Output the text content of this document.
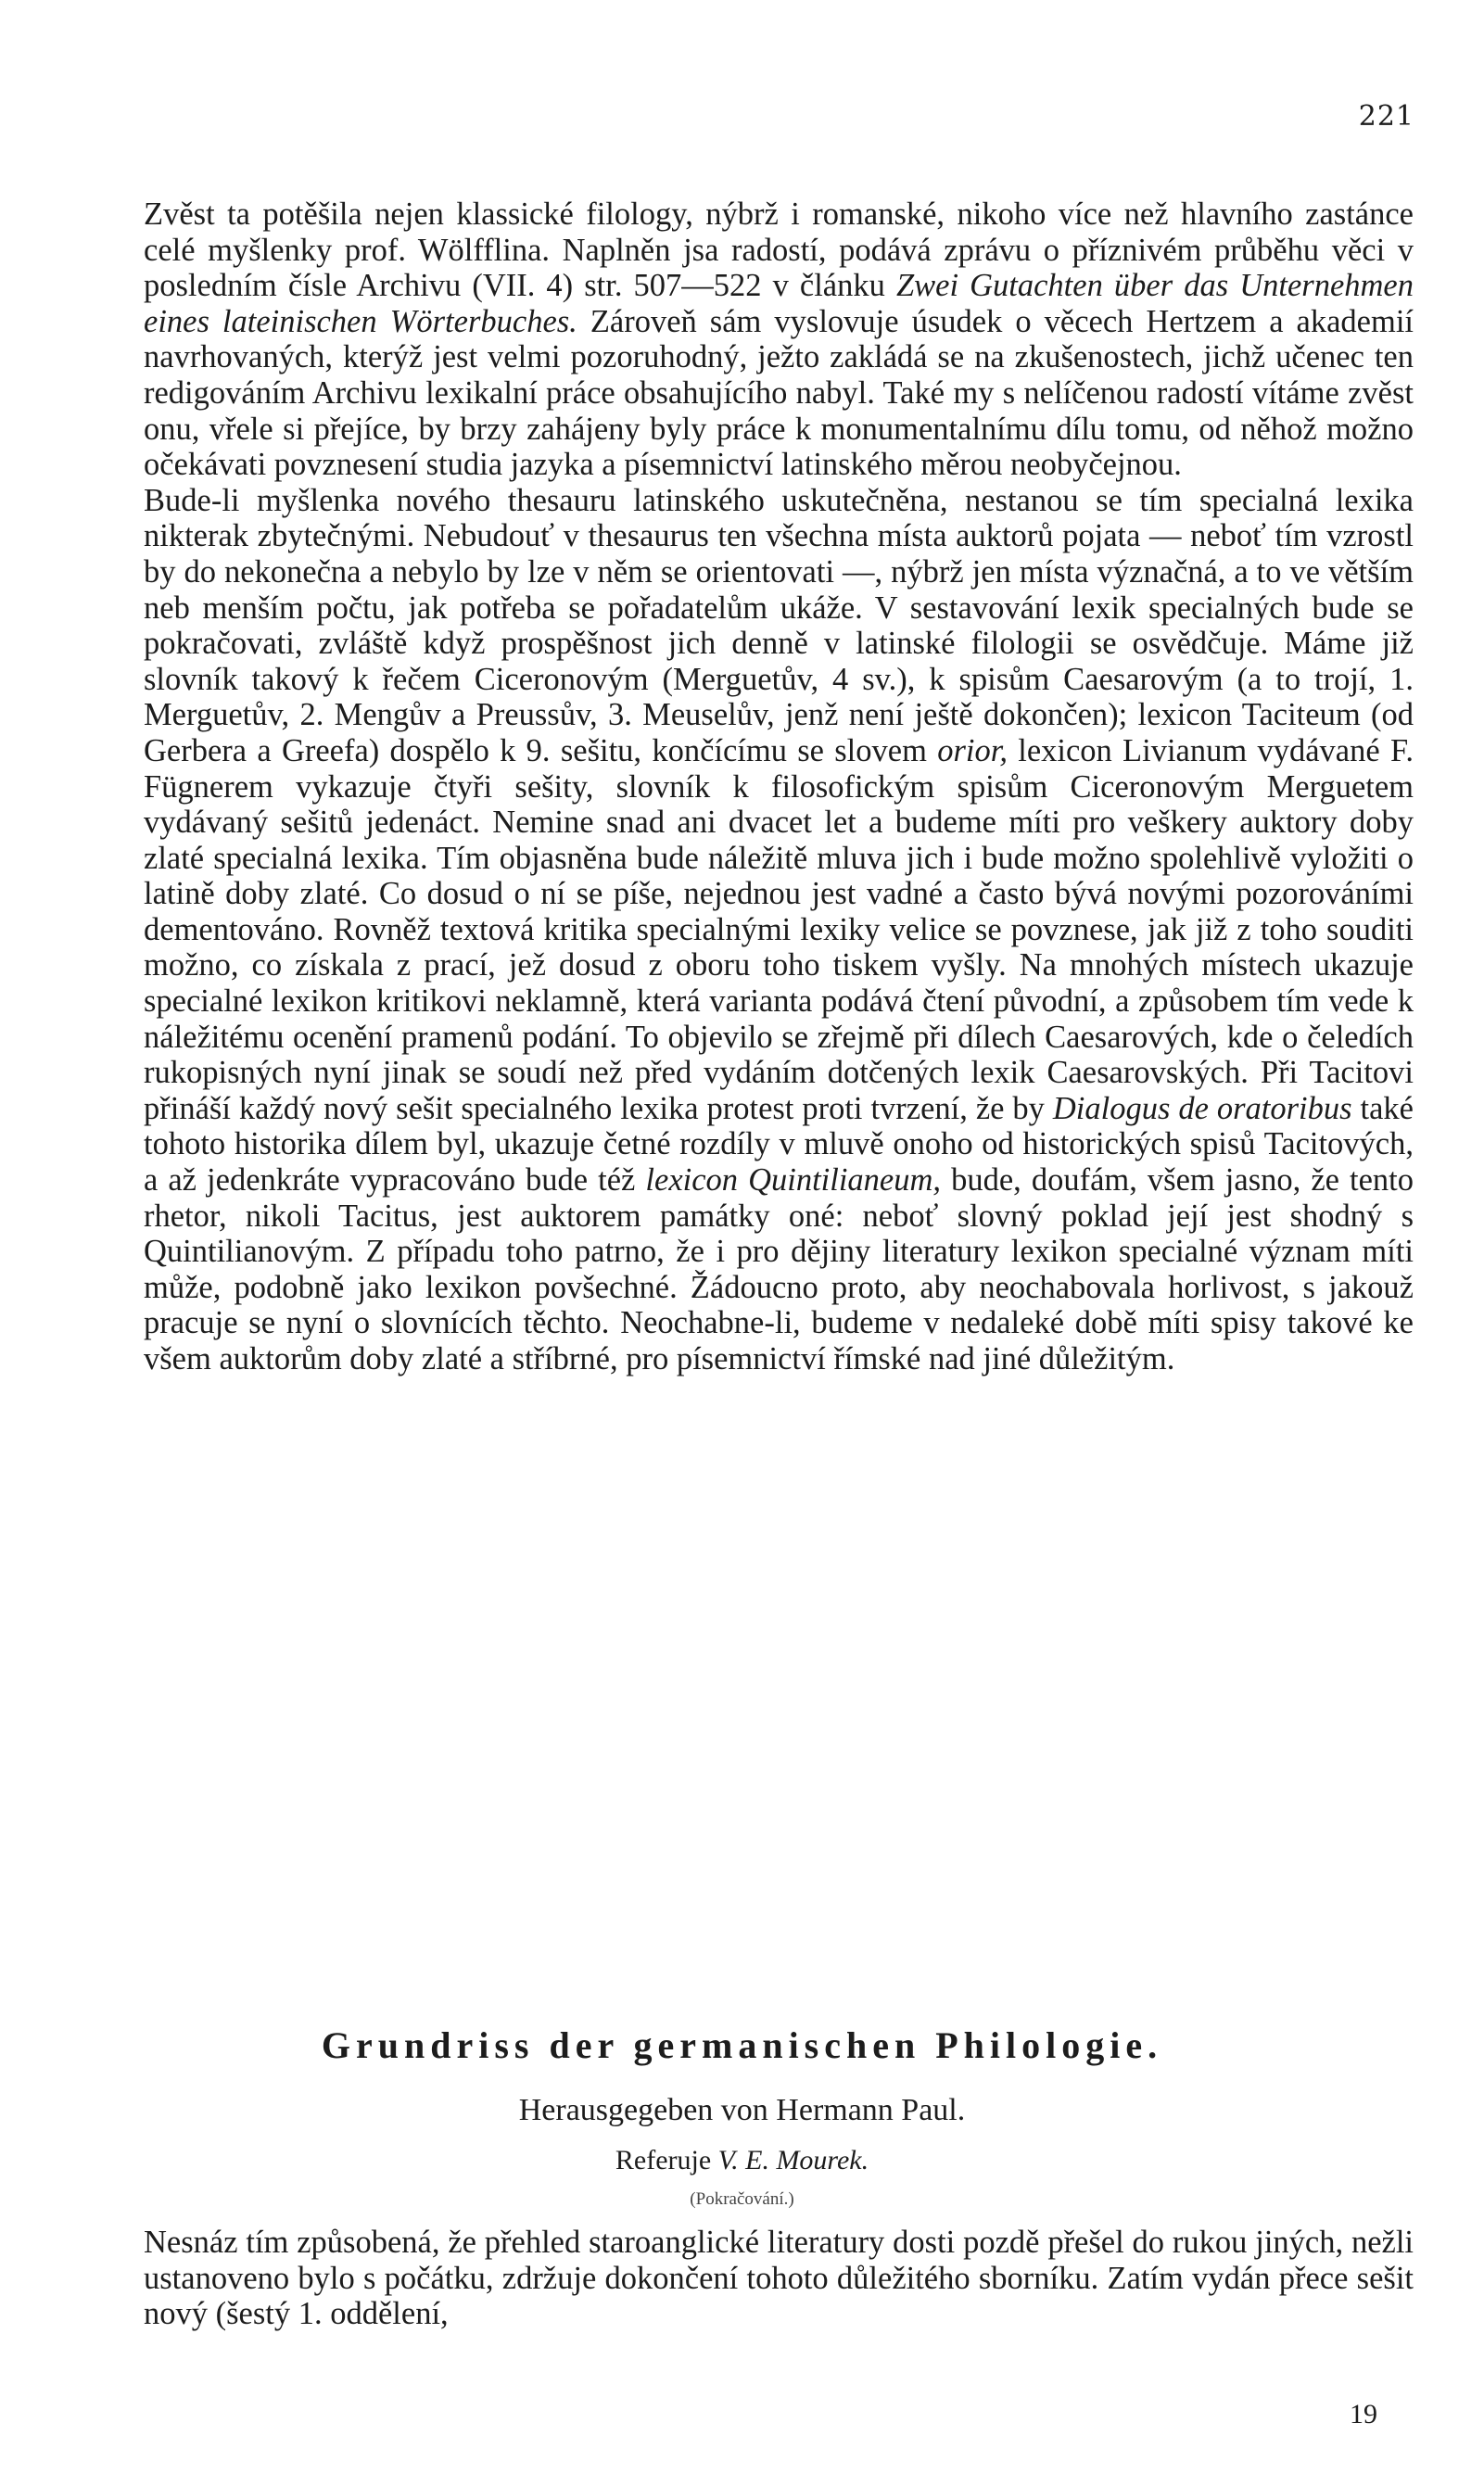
221

Zvěst ta potěšila nejen klassické filology, nýbrž i romanské, nikoho více než hlavního zastánce celé myšlenky prof. Wölfflina. Naplněn jsa radostí, podává zprávu o příznivém průběhu věci v posledním čísle Archivu (VII. 4) str. 507—522 v článku Zwei Gutachten über das Unternehmen eines lateinischen Wörterbuches. Zároveň sám vyslovuje úsudek o věcech Hertzem a akademií navrhovaných, kterýž jest velmi pozoruhodný, ježto zakládá se na zkušenostech, jichž učenec ten redigováním Archivu lexikalní práce obsahujícího nabyl. Také my s nelíčenou radostí vítáme zvěst onu, vřele si přejíce, by brzy zahájeny byly práce k monumentalnímu dílu tomu, od něhož možno očekávati povznesení studia jazyka a písemnictví latinského měrou neobyčejnou.

Bude-li myšlenka nového thesauru latinského uskutečněna, nestanou se tím specialná lexika nikterak zbytečnými. Nebudouť v thesaurus ten všechna místa auktorů pojata — neboť tím vzrostl by do nekonečna a nebylo by lze v něm se orientovati —, nýbrž jen místa význačná, a to ve větším neb menším počtu, jak potřeba se pořadatelům ukáže. V sestavování lexik specialných bude se pokračovati, zvláště když prospěšnost jich denně v latinské filologii se osvědčuje. Máme již slovník takový k řečem Ciceronovým (Merguetův, 4 sv.), k spisům Caesarovým (a to trojí, 1. Merguetův, 2. Mengův a Preussův, 3. Meuselův, jenž není ještě dokončen); lexicon Taciteum (od Gerbera a Greefa) dospělo k 9. sešitu, končícímu se slovem orior, lexicon Livianum vydávané F. Fügnerem vykazuje čtyři sešity, slovník k filosofickým spisům Ciceronovým Merguetem vydávaný sešitů jedenáct. Nemine snad ani dvacet let a budeme míti pro veškery auktory doby zlaté specialná lexika. Tím objasněna bude náležitě mluva jich i bude možno spolehlivě vyložiti o latině doby zlaté. Co dosud o ní se píše, nejednou jest vadné a často bývá novými pozorováními dementováno. Rovněž textová kritika specialnými lexiky velice se povznese, jak již z toho souditi možno, co získala z prací, jež dosud z oboru toho tiskem vyšly. Na mnohých místech ukazuje specialné lexikon kritikovi neklamně, která varianta podává čtení původní, a způsobem tím vede k náležitému ocenění pramenů podání. To objevilo se zřejmě při dílech Caesarových, kde o čeledích rukopisných nyní jinak se soudí než před vydáním dotčených lexik Caesarovských. Při Tacitovi přináší každý nový sešit specialného lexika protest proti tvrzení, že by Dialogus de oratoribus také tohoto historika dílem byl, ukazuje četné rozdíly v mluvě onoho od historických spisů Tacitových, a až jedenkráte vypracováno bude též lexicon Quintilianeum, bude, doufám, všem jasno, že tento rhetor, nikoli Tacitus, jest auktorem památky oné: neboť slovný poklad její jest shodný s Quintilianovým. Z případu toho patrno, že i pro dějiny literatury lexikon specialné význam míti může, podobně jako lexikon povšechné. Žádoucno proto, aby neochabovala horlivost, s jakouž pracuje se nyní o slovnících těchto. Neochabne-li, budeme v nedaleké době míti spisy takové ke všem auktorům doby zlaté a stříbrné, pro písemnictví římské nad jiné důležitým.

Grundriss der germanischen Philologie.
Herausgegeben von Hermann Paul.
Referuje V. E. Mourek.
(Pokračování.)

Nesnáz tím způsobená, že přehled staroanglické literatury dosti pozdě přešel do rukou jiných, nežli ustanoveno bylo s počátku, zdržuje dokončení tohoto důležitého sborníku. Zatím vydán přece sešit nový (šestý 1. oddělení,

19
